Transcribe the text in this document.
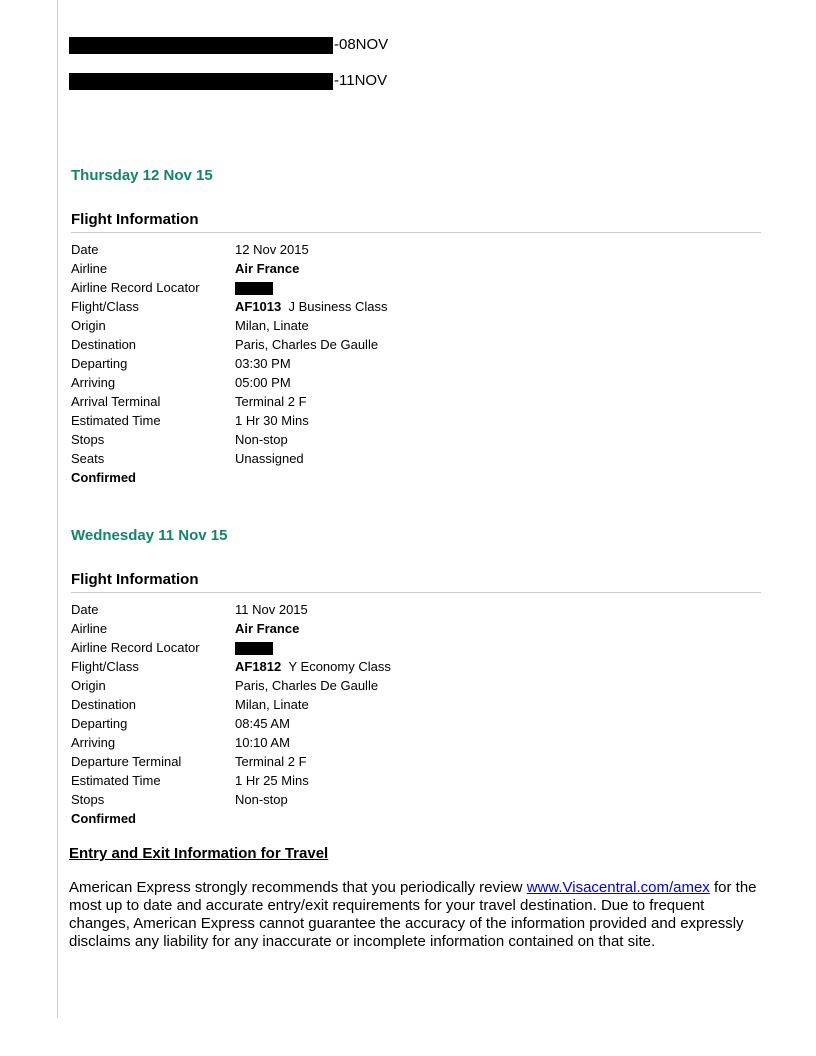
-08NOV
-11NOV
Thursday 12 Nov 15
Flight Information
Date	12 Nov 2015
Airline	Air France
Airline Record Locator
Flight/Class	AF1013 J Business Class
Origin	Milan, Linate
Destination	Paris, Charles De Gaulle
Departing	03:30 PM
Arriving	05:00 PM
Arrival Terminal	Terminal 2 F
Estimated Time	1 Hr 30 Mins
Stops	Non-stop
Seats	Unassigned
Confirmed
Wednesday 11 Nov 15
Flight Information
Date	11 Nov 2015
Airline	Air France
Airline Record Locator
Flight/Class	AF1812 Y Economy Class
Origin	Paris, Charles De Gaulle
Destination	Milan, Linate
Departing	08:45 AM
Arriving	10:10 AM
Departure Terminal	Terminal 2 F
Estimated Time	1 Hr 25 Mins
Stops	Non-stop
Confirmed
Entry and Exit Information for Travel

American Express strongly recommends that you periodically review www.Visacentral.com/amex for the most up to date and accurate entry/exit requirements for your travel destination. Due to frequent changes, American Express cannot guarantee the accuracy of the information provided and expressly disclaims any liability for any inaccurate or incomplete information contained on that site.
